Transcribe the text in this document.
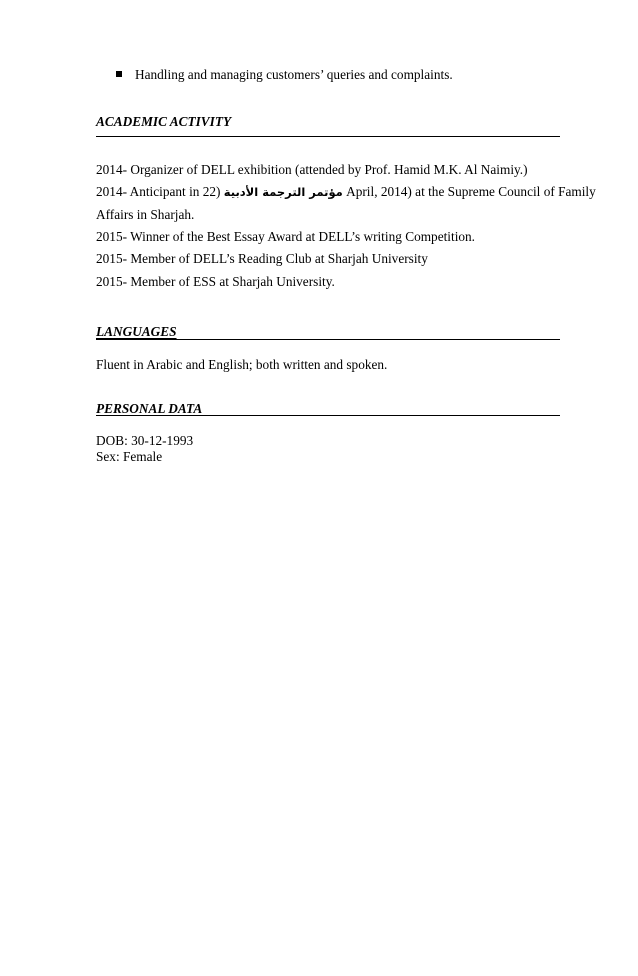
Handling and managing customers’ queries and complaints.
ACADEMIC ACTIVITY
2014- Organizer of DELL exhibition (attended by Prof. Hamid M.K. Al Naimiy.)
2014- Anticipant in 22) مؤتمر الترجمة الأدبية April, 2014) at the Supreme Council of Family
Affairs in Sharjah.
2015- Winner of the Best Essay Award at DELL’s writing Competition.
2015- Member of DELL’s Reading Club at Sharjah University
2015- Member of ESS at Sharjah University.
LANGUAGES
Fluent in Arabic and English; both written and spoken.
PERSONAL DATA
DOB: 30-12-1993
Sex: Female
